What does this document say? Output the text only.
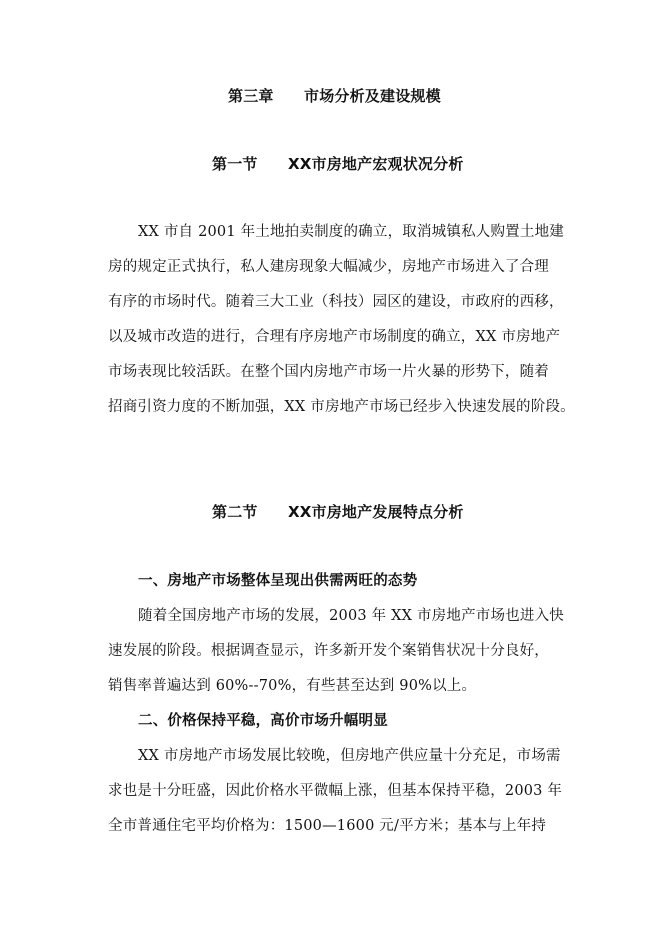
第三章　　市场分析及建设规模
第一节　　XX市房地产宏观状况分析
XX 市自 2001 年土地拍卖制度的确立，取消城镇私人购置土地建
房的规定正式执行，私人建房现象大幅减少，房地产市场进入了合理
有序的市场时代。随着三大工业（科技）园区的建设，市政府的西移，
以及城市改造的进行，合理有序房地产市场制度的确立，XX 市房地产
市场表现比较活跃。在整个国内房地产市场一片火暴的形势下，随着
招商引资力度的不断加强，XX 市房地产市场已经步入快速发展的阶段。
第二节　　XX市房地产发展特点分析
一、房地产市场整体呈现出供需两旺的态势
随着全国房地产市场的发展，2003 年 XX 市房地产市场也进入快
速发展的阶段。根据调查显示，许多新开发个案销售状况十分良好，
销售率普遍达到 60%--70%，有些甚至达到 90%以上。
二、价格保持平稳，高价市场升幅明显
XX 市房地产市场发展比较晚，但房地产供应量十分充足，市场需
求也是十分旺盛，因此价格水平微幅上涨，但基本保持平稳，2003 年
全市普通住宅平均价格为：1500—1600 元/平方米；基本与上年持
